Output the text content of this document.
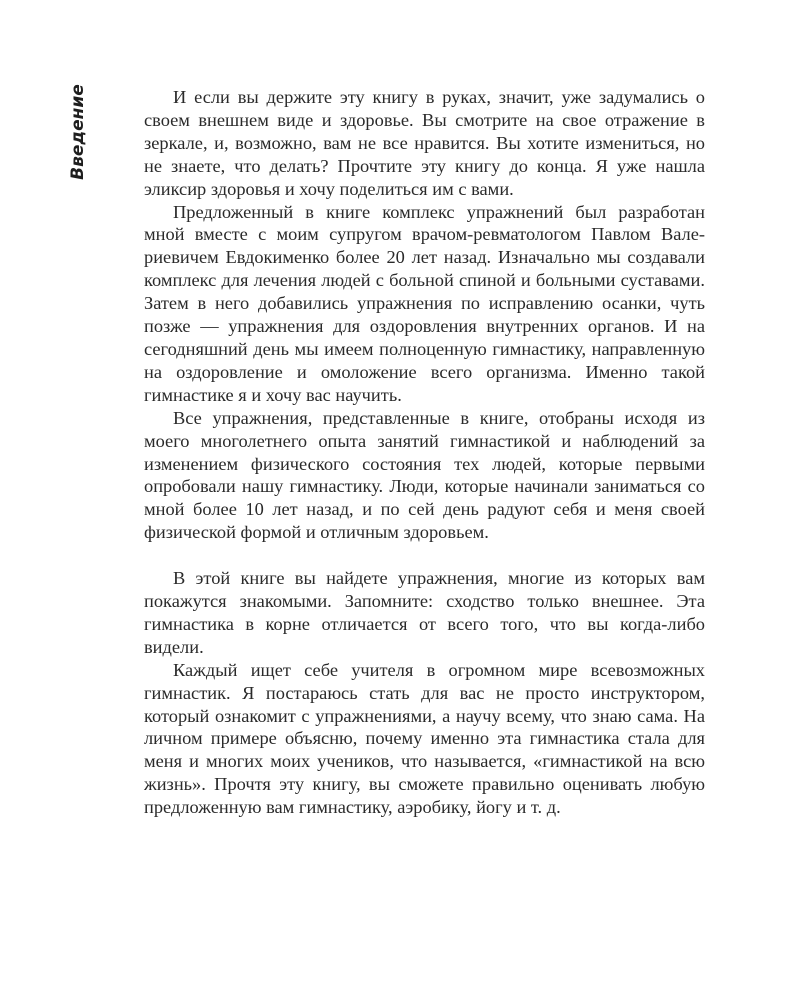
Введение	И если вы держите эту книгу в руках, значит, уже задумались о своем внешнем виде и здоровье. Вы смотрите на свое отражение в зеркале, и, возможно, вам не все нравится. Вы хотите измениться, но не знаете, что делать? Прочтите эту книгу до конца. Я уже нашла эликсир здоровья и хочу поделиться им с вами.

Предложенный в книге комплекс упражнений был разработан мной вместе с моим супругом врачом-ревматологом Павлом Валериевичем Евдокименко более 20 лет назад. Изначально мы создавали комплекс для лечения людей с больной спиной и больными суставами. Затем в него добавились упражнения по исправлению осанки, чуть позже — упражнения для оздоровления внутренних органов. И на сегодняшний день мы имеем полноценную гимнастику, направленную на оздоровление и омоложение всего организма. Именно такой гимнастике я и хочу вас научить.

Все упражнения, представленные в книге, отобраны исходя из моего многолетнего опыта занятий гимнастикой и наблюдений за изменением физического состояния тех людей, которые первыми опробовали нашу гимнастику. Люди, которые начинали заниматься со мной более 10 лет назад, и по сей день радуют себя и меня своей физической формой и отличным здоровьем.

В этой книге вы найдете упражнения, многие из которых вам покажутся знакомыми. Запомните: сходство только внешнее. Эта гимнастика в корне отличается от всего того, что вы когда-либо видели.

Каждый ищет себе учителя в огромном мире всевозможных гимнастик. Я постараюсь стать для вас не просто инструктором, который ознакомит с упражнениями, а научу всему, что знаю сама. На личном примере объясню, почему именно эта гимнастика стала для меня и многих моих учеников, что называется, «гимнастикой на всю жизнь». Прочтя эту книгу, вы сможете правильно оценивать любую предложенную вам гимнастику, аэробику, йогу и т. д.
